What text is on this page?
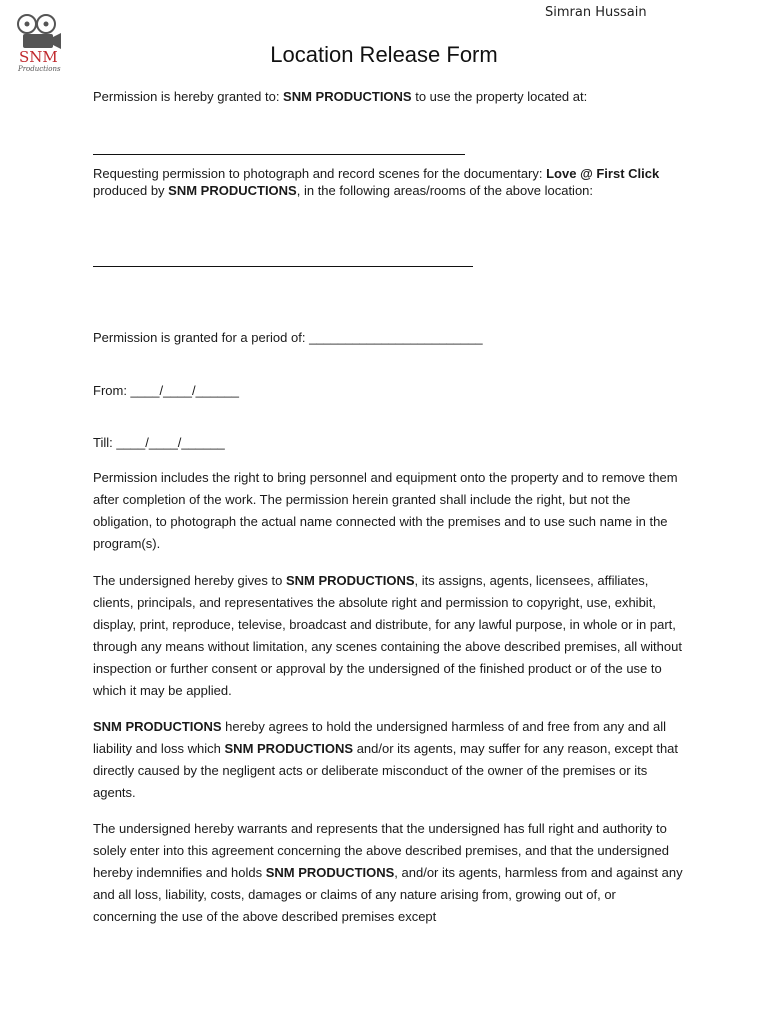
Simran Hussain
SNM
Productions
Location Release Form
Permission is hereby granted to: SNM PRODUCTIONS to use the property located at:
Requesting permission to photograph and record scenes for the documentary: Love @ First Click produced by SNM PRODUCTIONS, in the following areas/rooms of the above location:
Permission is granted for a period of: ________________________
From: ____/____/______
Till: ____/____/______
Permission includes the right to bring personnel and equipment onto the property and to remove them after completion of the work. The permission herein granted shall include the right, but not the obligation, to photograph the actual name connected with the premises and to use such name in the program(s).
The undersigned hereby gives to SNM PRODUCTIONS, its assigns, agents, licensees, affiliates, clients, principals, and representatives the absolute right and permission to copyright, use, exhibit, display, print, reproduce, televise, broadcast and distribute, for any lawful purpose, in whole or in part, through any means without limitation, any scenes containing the above described premises, all without inspection or further consent or approval by the undersigned of the finished product or of the use to which it may be applied.
SNM PRODUCTIONS hereby agrees to hold the undersigned harmless of and free from any and all liability and loss which SNM PRODUCTIONS and/or its agents, may suffer for any reason, except that directly caused by the negligent acts or deliberate misconduct of the owner of the premises or its agents.
The undersigned hereby warrants and represents that the undersigned has full right and authority to solely enter into this agreement concerning the above described premises, and that the undersigned hereby indemnifies and holds SNM PRODUCTIONS, and/or its agents, harmless from and against any and all loss, liability, costs, damages or claims of any nature arising from, growing out of, or concerning the use of the above described premises except
